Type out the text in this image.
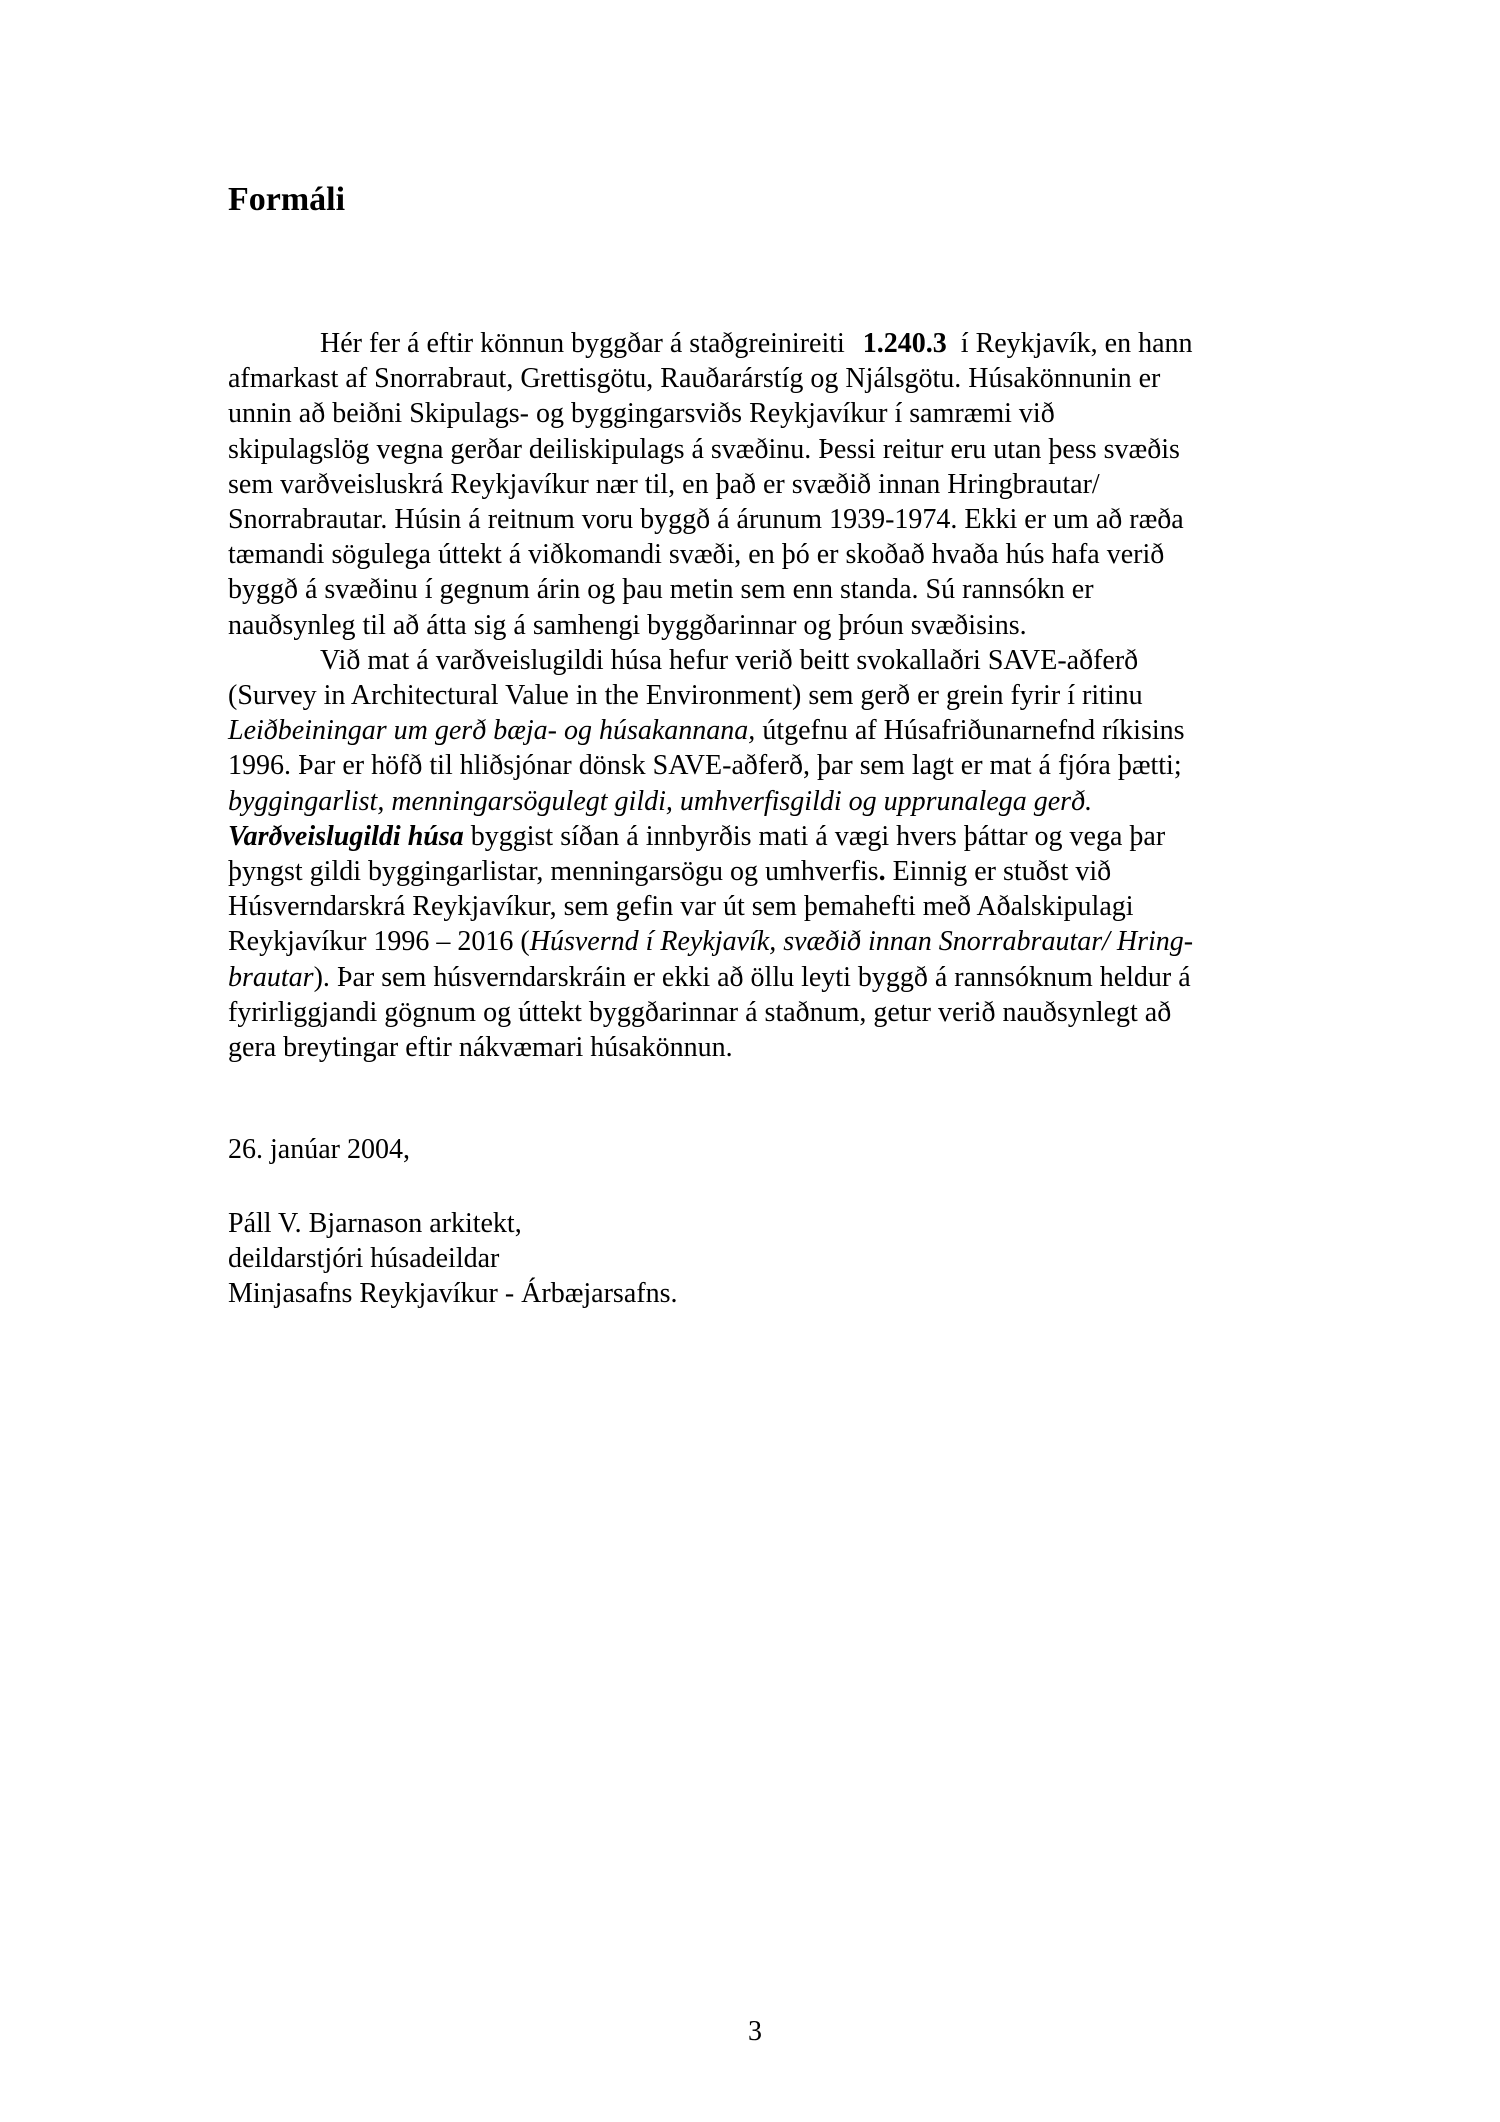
Formáli
Hér fer á eftir könnun byggðar á staðgreinireiti 1.240.3 í Reykjavík, en hann
afmarkast af Snorrabraut, Grettisgötu, Rauðarárstíg og Njálsgötu. Húsakönnunin er
unnin að beiðni Skipulags- og byggingarsviðs Reykjavíkur í samræmi við
skipulagslög vegna gerðar deiliskipulags á svæðinu. Þessi reitur eru utan þess svæðis
sem varðveisluskrá Reykjavíkur nær til, en það er svæðið innan Hringbrautar/
Snorrabrautar. Húsin á reitnum voru byggð á árunum 1939-1974. Ekki er um að ræða
tæmandi sögulega úttekt á viðkomandi svæði, en þó er skoðað hvaða hús hafa verið
byggð á svæðinu í gegnum árin og þau metin sem enn standa. Sú rannsókn er
nauðsynleg til að átta sig á samhengi byggðarinnar og þróun svæðisins.
Við mat á varðveislugildi húsa hefur verið beitt svokallaðri SAVE-aðferð
(Survey in Architectural Value in the Environment) sem gerð er grein fyrir í ritinu
Leiðbeiningar um gerð bæja- og húsakannana, útgefnu af Húsafriðunarnefnd ríkisins
1996. Þar er höfð til hliðsjónar dönsk SAVE-aðferð, þar sem lagt er mat á fjóra þætti;
byggingarlist, menningarsögulegt gildi, umhverfisgildi og upprunalega gerð.
Varðveislugildi húsa byggist síðan á innbyrðis mati á vægi hvers þáttar og vega þar
þyngst gildi byggingarlistar, menningarsögu og umhverfis. Einnig er stuðst við
Húsverndarskrá Reykjavíkur, sem gefin var út sem þemahefti með Aðalskipulagi
Reykjavíkur 1996 – 2016 (Húsvernd í Reykjavík, svæðið innan Snorrabrautar/ Hring-
brautar). Þar sem húsverndarskráin er ekki að öllu leyti byggð á rannsóknum heldur á
fyrirliggjandi gögnum og úttekt byggðarinnar á staðnum, getur verið nauðsynlegt að
gera breytingar eftir nákvæmari húsakönnun.
26. janúar 2004,
Páll V. Bjarnason arkitekt,
deildarstjóri húsadeildar
Minjasafns Reykjavíkur - Árbæjarsafns.
3
